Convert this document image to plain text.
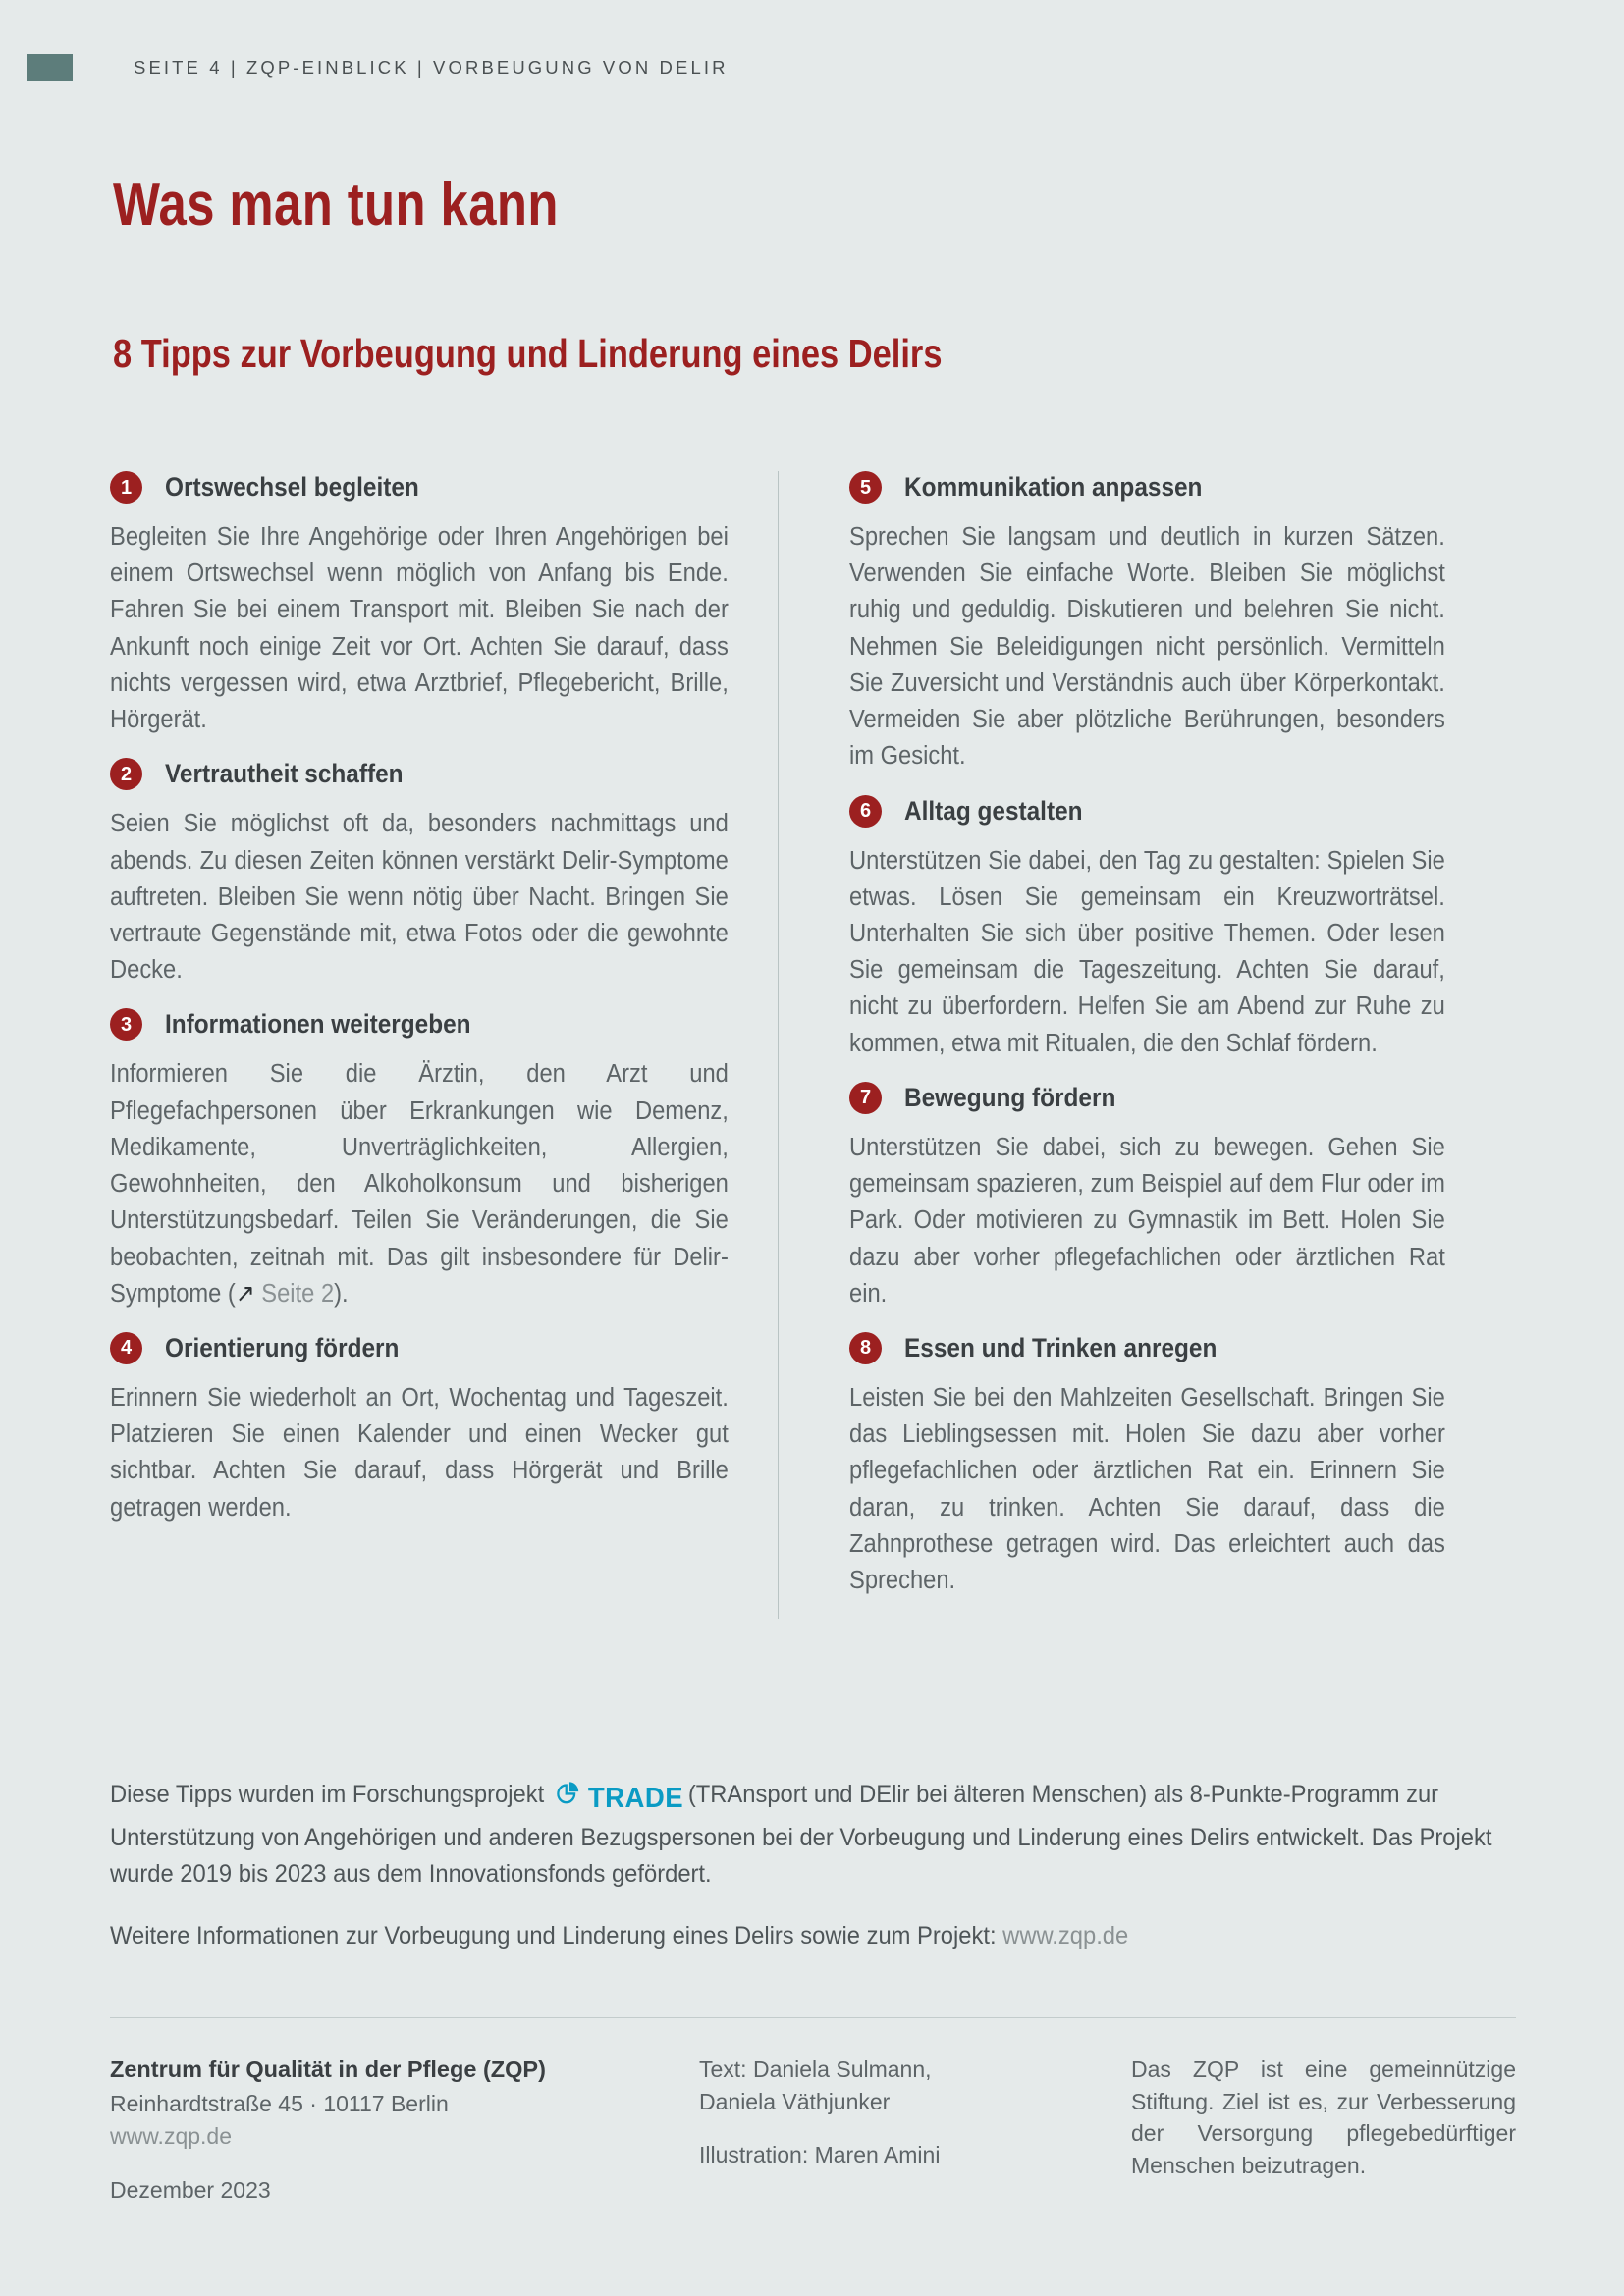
SEITE 4 | ZQP-EINBLICK | VORBEUGUNG VON DELIR
Was man tun kann
8 Tipps zur Vorbeugung und Linderung eines Delirs
1	Ortswechsel begleiten
Begleiten Sie Ihre Angehörige oder Ihren Angehörigen bei einem Ortswechsel wenn möglich von Anfang bis Ende. Fahren Sie bei einem Transport mit. Bleiben Sie nach der Ankunft noch einige Zeit vor Ort. Achten Sie darauf, dass nichts vergessen wird, etwa Arztbrief, Pflegebericht, Brille, Hörgerät.
2	Vertrautheit schaffen
Seien Sie möglichst oft da, besonders nachmittags und abends. Zu diesen Zeiten können verstärkt Delir-Symptome auftreten. Bleiben Sie wenn nötig über Nacht. Bringen Sie vertraute Gegenstände mit, etwa Fotos oder die gewohnte Decke.
3	Informationen weitergeben
Informieren Sie die Ärztin, den Arzt und Pflegefachpersonen über Erkrankungen wie Demenz, Medikamente, Unverträglichkeiten, Allergien, Gewohnheiten, den Alkoholkonsum und bisherigen Unterstützungsbedarf. Teilen Sie Veränderungen, die Sie beobachten, zeitnah mit. Das gilt insbesondere für Delir-Symptome (↗ Seite 2).
4	Orientierung fördern
Erinnern Sie wiederholt an Ort, Wochentag und Tageszeit. Platzieren Sie einen Kalender und einen Wecker gut sichtbar. Achten Sie darauf, dass Hörgerät und Brille getragen werden.
5	Kommunikation anpassen
Sprechen Sie langsam und deutlich in kurzen Sätzen. Verwenden Sie einfache Worte. Bleiben Sie möglichst ruhig und geduldig. Diskutieren und belehren Sie nicht. Nehmen Sie Beleidigungen nicht persönlich. Vermitteln Sie Zuversicht und Verständnis auch über Körperkontakt. Vermeiden Sie aber plötzliche Berührungen, besonders im Gesicht.
6	Alltag gestalten
Unterstützen Sie dabei, den Tag zu gestalten: Spielen Sie etwas. Lösen Sie gemeinsam ein Kreuzworträtsel. Unterhalten Sie sich über positive Themen. Oder lesen Sie gemeinsam die Tageszeitung. Achten Sie darauf, nicht zu überfordern. Helfen Sie am Abend zur Ruhe zu kommen, etwa mit Ritualen, die den Schlaf fördern.
7	Bewegung fördern
Unterstützen Sie dabei, sich zu bewegen. Gehen Sie gemeinsam spazieren, zum Beispiel auf dem Flur oder im Park. Oder motivieren zu Gymnastik im Bett. Holen Sie dazu aber vorher pflegefachlichen oder ärztlichen Rat ein.
8	Essen und Trinken anregen
Leisten Sie bei den Mahlzeiten Gesellschaft. Bringen Sie das Lieblingsessen mit. Holen Sie dazu aber vorher pflegefachlichen oder ärztlichen Rat ein. Erinnern Sie daran, zu trinken. Achten Sie darauf, dass die Zahnprothese getragen wird. Das erleichtert auch das Sprechen.

Diese Tipps wurden im Forschungsprojekt TRADE (TRAnsport und DElir bei älteren Menschen) als 8-Punkte-Programm zur Unterstützung von Angehörigen und anderen Bezugspersonen bei der Vorbeugung und Linderung eines Delirs entwickelt. Das Projekt wurde 2019 bis 2023 aus dem Innovationsfonds gefördert.

Weitere Informationen zur Vorbeugung und Linderung eines Delirs sowie zum Projekt: www.zqp.de

Zentrum für Qualität in der Pflege (ZQP)
Reinhardtstraße 45 · 10117 Berlin
www.zqp.de
Dezember 2023
Text: Daniela Sulmann,
Daniela Väthjunker
Illustration: Maren Amini
Das ZQP ist eine gemeinnützige Stiftung. Ziel ist es, zur Verbesserung der Versorgung pflegebedürftiger Menschen beizutragen.
